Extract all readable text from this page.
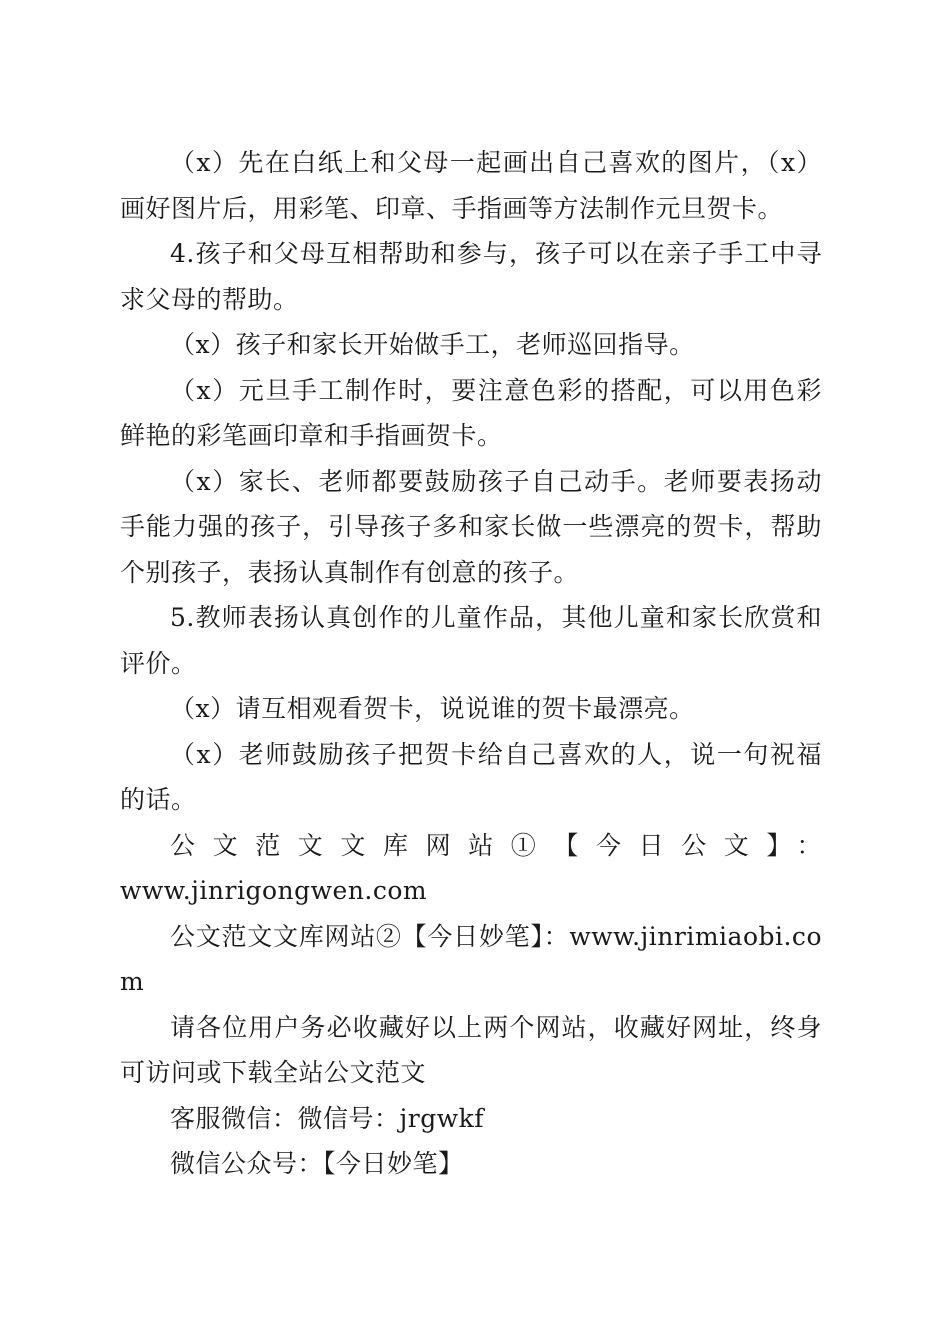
（x）先在白纸上和父母一起画出自己喜欢的图片，（x）画好图片后，用彩笔、印章、手指画等方法制作元旦贺卡。

4.孩子和父母互相帮助和参与，孩子可以在亲子手工中寻求父母的帮助。

（x）孩子和家长开始做手工，老师巡回指导。

（x）元旦手工制作时，要注意色彩的搭配，可以用色彩鲜艳的彩笔画印章和手指画贺卡。

（x）家长、老师都要鼓励孩子自己动手。老师要表扬动手能力强的孩子，引导孩子多和家长做一些漂亮的贺卡，帮助个别孩子，表扬认真制作有创意的孩子。

5.教师表扬认真创作的儿童作品，其他儿童和家长欣赏和评价。

（x）请互相观看贺卡，说说谁的贺卡最漂亮。

（x）老师鼓励孩子把贺卡给自己喜欢的人，说一句祝福的话。

公文范文文库网站①【今日公文】：

www.jinrigongwen.com

公文范文文库网站②【今日妙笔】：www.jinrimiaobi.com

请各位用户务必收藏好以上两个网站，收藏好网址，终身可访问或下载全站公文范文

客服微信：微信号：jrgwkf

微信公众号：【今日妙笔】
